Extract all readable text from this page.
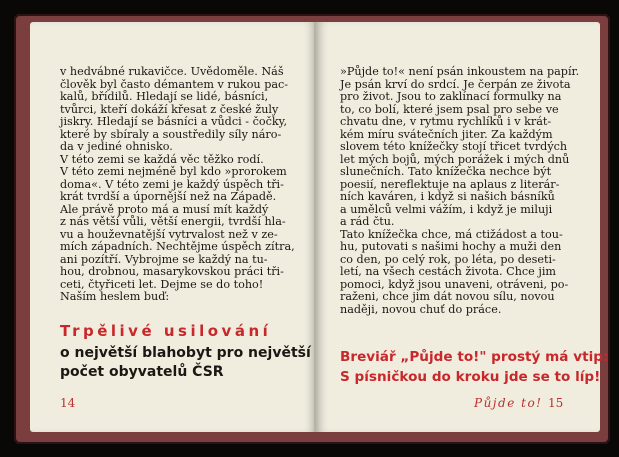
v hedvábné rukavičce. Uvědoměle. Náš
člověk byl často démantem v rukou pac-
kalů, břídilů. Hledají se lidé, básníci,
tvůrci, kteří dokáží křesat z české žuly
jiskry. Hledají se básníci a vůdci - čočky,
které by sbíraly a soustředily síly náro-
da v jediné ohnisko.
V této zemi se každá věc těžko rodí.
V této zemi nejméně byl kdo »prorokem
doma«. V této zemi je každý úspěch tři-
krát tvrdší a úpornější než na Západě.
Ale právě proto má a musí mít každý
z nás větší vůli, větší energii, tvrdší hla-
vu a houževnatější vytrvalost než v ze-
mích západních. Nechtějme úspěch zítra,
ani pozítří. Vybrojme se každý na tu-
hou, drobnou, masarykovskou práci tři-
ceti, čtyřiceti let. Dejme se do toho!
Naším heslem buď:
Trpělivé usilování
o největší blahobyt pro největší
počet obyvatelů ČSR
14
»Půjde to!« není psán inkoustem na papír.
Je psán krví do srdcí. Je čerpán ze života
pro život. Jsou to zaklínací formulky na
to, co bolí, které jsem psal pro sebe ve
chvatu dne, v rytmu rychlíků i v krát-
kém míru svátečních jiter. Za každým
slovem této knížečky stojí třicet tvrdých
let mých bojů, mých porážek i mých dnů
slunečních. Tato knížečka nechce být
poesií, nereflektuje na aplaus z literár-
ních kaváren, i když si našich básníků
a umělců velmi vážím, i když je miluji
a rád čtu.
Tato knížečka chce, má ctižádost a tou-
hu, putovati s našimi hochy a muži den
co den, po celý rok, po léta, po deseti-
letí, na všech cestách života. Chce jim
pomoci, když jsou unaveni, otráveni, po-
raženi, chce jim dát novou sílu, novou
naději, novou chuť do práce.
Breviář „Půjde to!" prostý má vtip:
S písničkou do kroku jde se to líp!
Půjde to! 15
